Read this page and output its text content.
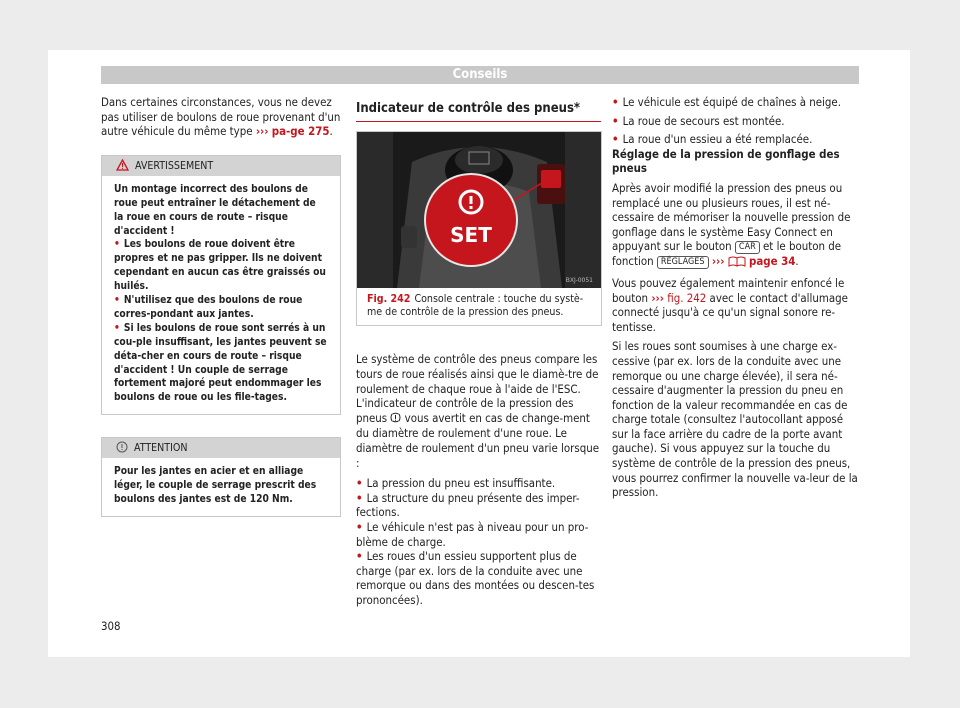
Conseils

Dans certaines circonstances, vous ne devez pas utiliser de boulons de roue provenant d'un autre véhicule du même type ››› pa-ge 275.

AVERTISSEMENT

Un montage incorrect des boulons de roue peut entraîner le détachement de la roue en cours de route – risque d'accident !

• Les boulons de roue doivent être propres et ne pas gripper. Ils ne doivent cependant en aucun cas être graissés ou huilés.

• N'utilisez que des boulons de roue corres-pondant aux jantes.

• Si les boulons de roue sont serrés à un cou-ple insuffisant, les jantes peuvent se déta-cher en cours de route – risque d'accident ! Un couple de serrage fortement majoré peut endommager les boulons de roue ou les file-tages.

ATTENTION

Pour les jantes en acier et en alliage léger, le couple de serrage prescrit des boulons des jantes est de 120 Nm.

Indicateur de contrôle des pneus*
SET
BXJ-0051
Fig. 242 Console centrale : touche du systè-me de contrôle de la pression des pneus.

Le système de contrôle des pneus compare les tours de roue réalisés ainsi que le diamè-tre de roulement de chaque roue à l'aide de l'ESC. L'indicateur de contrôle de la pression des pneus  vous avertit en cas de change-ment du diamètre de roulement d'une roue. Le diamètre de roulement d'un pneu varie lorsque :

• La pression du pneu est insuffisante.

• La structure du pneu présente des imper-fections.

• Le véhicule n'est pas à niveau pour un pro-blème de charge.

• Les roues d'un essieu supportent plus de charge (par ex. lors de la conduite avec une remorque ou dans des montées ou descen-tes prononcées).

• Le véhicule est équipé de chaînes à neige.

• La roue de secours est montée.

• La roue d'un essieu a été remplacée.

Réglage de la pression de gonflage des pneus

Après avoir modifié la pression des pneus ou remplacé une ou plusieurs roues, il est né-cessaire de mémoriser la nouvelle pression de gonflage dans le système Easy Connect en appuyant sur le bouton CAR et le bouton de fonction RÉGLAGES ››› page 34.

Vous pouvez également maintenir enfoncé le bouton ››› fig. 242 avec le contact d'allumage connecté jusqu'à ce qu'un signal sonore re-tentisse.

Si les roues sont soumises à une charge ex-cessive (par ex. lors de la conduite avec une remorque ou une charge élevée), il sera né-cessaire d'augmenter la pression du pneu en fonction de la valeur recommandée en cas de charge totale (consultez l'autocollant apposé sur la face arrière du cadre de la porte avant gauche). Si vous appuyez sur la touche du système de contrôle de la pression des pneus, vous pourrez confirmer la nouvelle va-leur de la pression.

308
